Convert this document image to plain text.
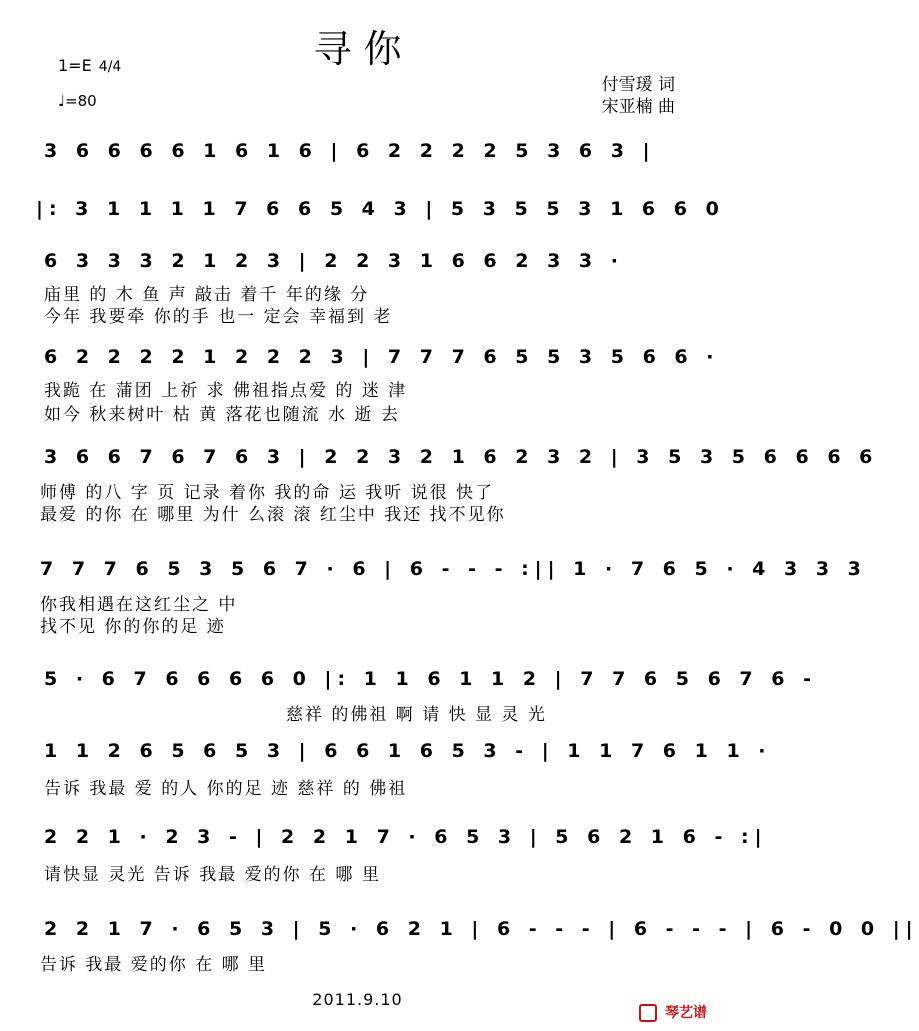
寻 你
1=E 4/4
♩=80
付雪瑗 词
宋亚楠 曲
3 6 6 6 6 1 6 1 6 | 6 2 2 2 2 5 3 6 3 |
|: 3 1 1 1 1 7 6 6 5 4 3 | 5 3 5 5 3 1 6 6 0
6 3 3 3 2 1 2 3 | 2 2 3 1 6 6 2 3 3 ·
庙里 的 木 鱼 声 敲击 着千 年的缘 分
今年 我要牵 你的手 也一 定会 幸福到 老
6 2 2 2 2 1 2 2 2 3 | 7 7 7 6 5 5 3 5 6 6 ·
我跪 在 蒲团 上祈 求 佛祖指点爱 的 迷 津
如今 秋来树叶 枯 黄 落花也随流 水 逝 去
3 6 6 7 6 7 6 3 | 2 2 3 2 1 6 2 3 2 | 3 5 3 5 6 6 6 6
师傅 的八 字 页 记录 着你 我的命 运 我听 说很 快了
最爱 的你 在 哪里 为什 么滚 滚 红尘中 我还 找不见你
7 7 7 6 5 3 5 6 7 · 6 | 6 - - - :|| 1 · 7 6 5 · 4 3 3 3
你我相遇在这红尘之 中
找不见 你的你的足 迹
5 · 6 7 6 6 6 6 0 |: 1 1 6 1 1 2 | 7 7 6 5 6 7 6 -
慈祥 的佛祖 啊 请 快 显 灵 光
1 1 2 6 5 6 5 3 | 6 6 1 6 5 3 - | 1 1 7 6 1 1 ·
告诉 我最 爱 的人 你的足 迹 慈祥 的 佛祖
2 2 1 · 2 3 - | 2 2 1 7 · 6 5 3 | 5 6 2 1 6 - :|
请快显 灵光 告诉 我最 爱的你 在 哪 里
2 2 1 7 · 6 5 3 | 5 · 6 2 1 | 6 - - - | 6 - - - | 6 - 0 0 ||
告诉 我最 爱的你 在 哪 里
2011.9.10
琴艺谱
